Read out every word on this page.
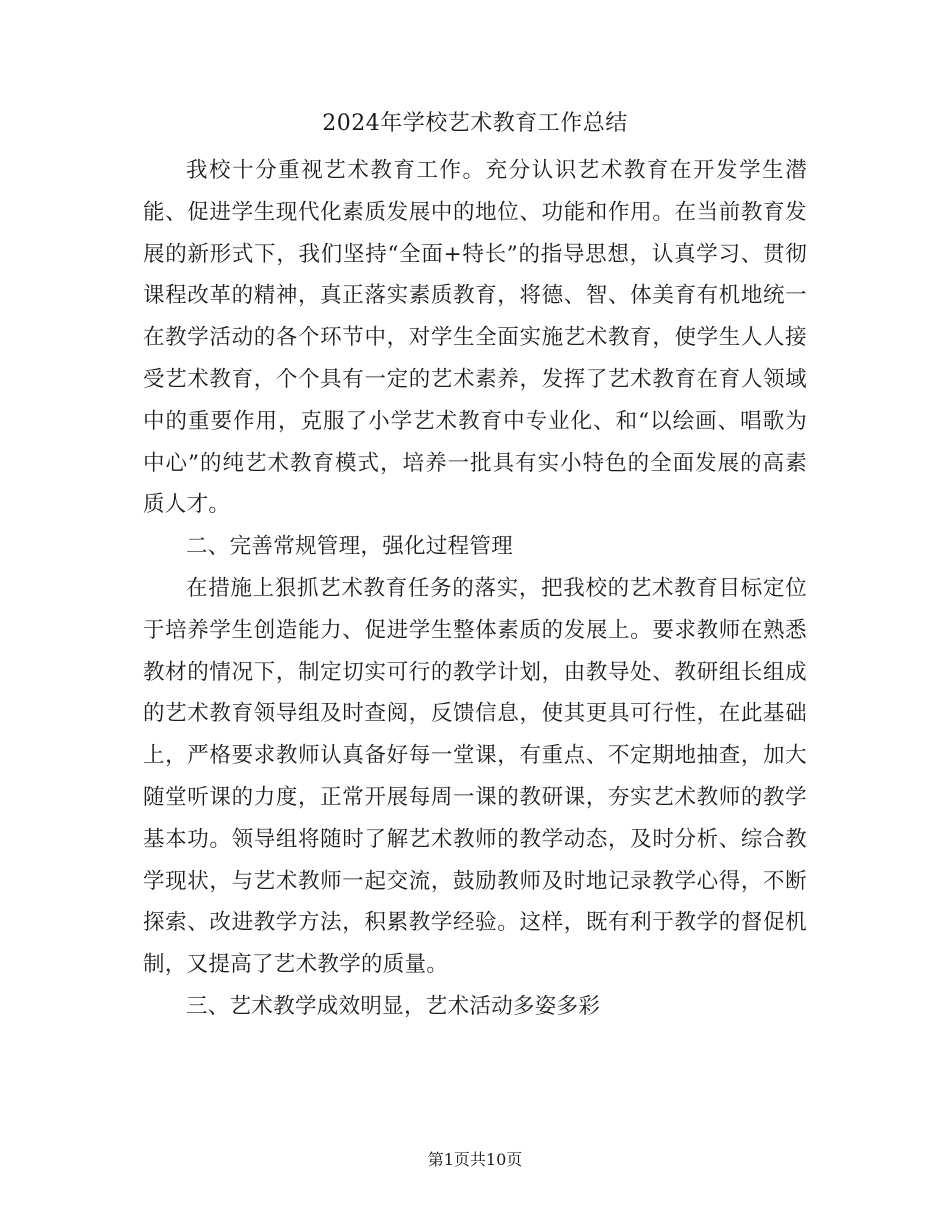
2024年学校艺术教育工作总结

我校十分重视艺术教育工作。充分认识艺术教育在开发学生潜能、促进学生现代化素质发展中的地位、功能和作用。在当前教育发展的新形式下，我们坚持“全面+特长”的指导思想，认真学习、贯彻课程改革的精神，真正落实素质教育，将德、智、体美育有机地统一在教学活动的各个环节中，对学生全面实施艺术教育，使学生人人接受艺术教育，个个具有一定的艺术素养，发挥了艺术教育在育人领域中的重要作用，克服了小学艺术教育中专业化、和“以绘画、唱歌为中心”的纯艺术教育模式，培养一批具有实小特色的全面发展的高素质人才。

二、完善常规管理，强化过程管理

在措施上狠抓艺术教育任务的落实，把我校的艺术教育目标定位于培养学生创造能力、促进学生整体素质的发展上。要求教师在熟悉教材的情况下，制定切实可行的教学计划，由教导处、教研组长组成的艺术教育领导组及时查阅，反馈信息，使其更具可行性，在此基础上，严格要求教师认真备好每一堂课，有重点、不定期地抽查，加大随堂听课的力度，正常开展每周一课的教研课，夯实艺术教师的教学基本功。领导组将随时了解艺术教师的教学动态，及时分析、综合教学现状，与艺术教师一起交流，鼓励教师及时地记录教学心得，不断探索、改进教学方法，积累教学经验。这样，既有利于教学的督促机制，又提高了艺术教学的质量。

三、艺术教学成效明显，艺术活动多姿多彩

第1页共10页
